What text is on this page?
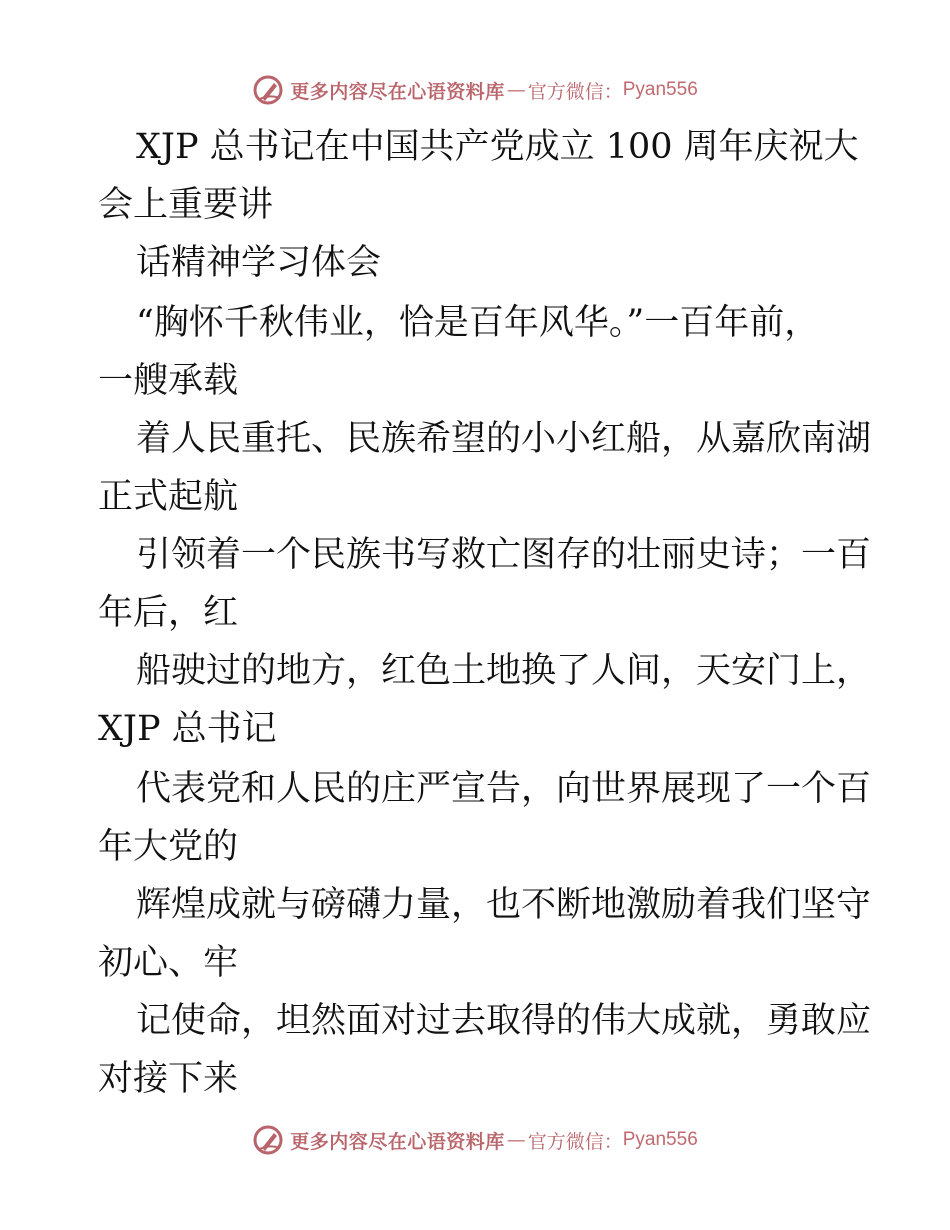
更多内容尽在心语资料库 — 官方微信： Pyan556
XJP 总书记在中国共产党成立 100 周年庆祝大
会上重要讲
话精神学习体会
“胸怀千秋伟业，恰是百年风华。”一百年前，
一艘承载
着人民重托、民族希望的小小红船，从嘉欣南湖
正式起航
引领着一个民族书写救亡图存的壮丽史诗；一百
年后，红
船驶过的地方，红色土地换了人间，天安门上，
XJP 总书记
代表党和人民的庄严宣告，向世界展现了一个百
年大党的
辉煌成就与磅礴力量，也不断地激励着我们坚守
初心、牢
记使命，坦然面对过去取得的伟大成就，勇敢应
对接下来
更多内容尽在心语资料库 — 官方微信： Pyan556
